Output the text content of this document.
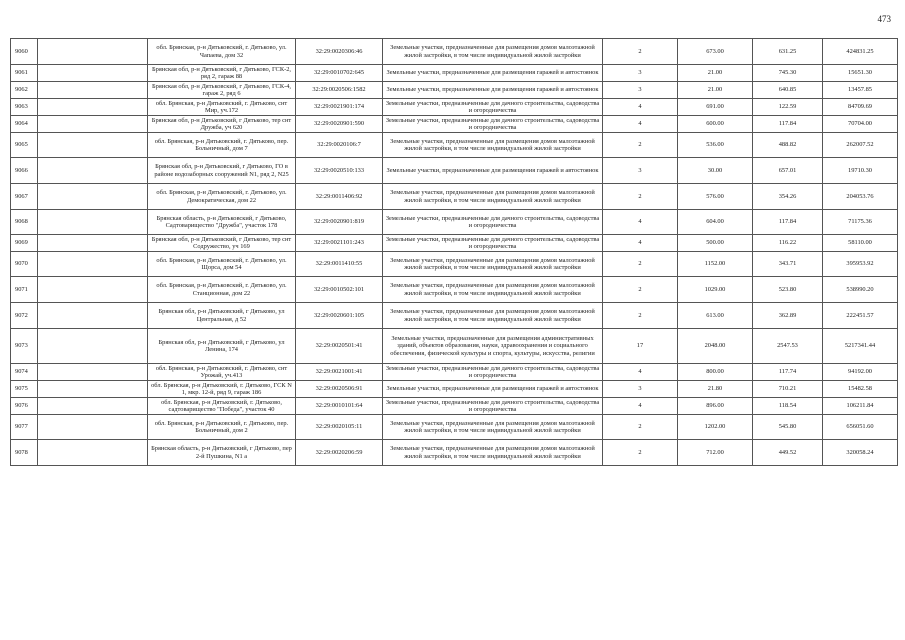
473
9060		обл. Брянская, р-н Дятьковский, г. Дятьково, ул. Чапаева, дом 32	32:29:0020306:46	Земельные участки, предназначенные для размещения домов малоэтажной жилой застройки, в том числе индивидуальной жилой застройки	2	673.00	631.25	424831.25
9061		Брянская обл, р-н Дятьковский, г Дятьково, ГСК-2, ряд 2, гараж 88	32:29:0010702:645	Земельные участки, предназначенные для размещения гаражей и автостоянок	3	21.00	745.30	15651.30
9062		Брянская обл, р-н Дятьковский, г Дятьково, ГСК-4, гараж 2, ряд 6	32:29:0020506:1582	Земельные участки, предназначенные для размещения гаражей и автостоянок	3	21.00	640.85	13457.85
9063		обл. Брянская, р-н Дятьковский, г. Дятьково, снт Мир, уч.172	32:29:0021901:174	Земельные участки, предназначенные для дачного строительства, садоводства и огородничества	4	691.00	122.59	84709.69
9064		Брянская обл, р-н Дятьковский, г Дятьково, тер снт Дружба, уч 620	32:29:0020901:590	Земельные участки, предназначенные для дачного строительства, садоводства и огородничества	4	600.00	117.84	70704.00
9065		обл. Брянская, р-н Дятьковский, г. Дятьково, пер. Больничный, дом 7	32:29:0020106:7	Земельные участки, предназначенные для размещения домов малоэтажной жилой застройки, в том числе индивидуальной жилой застройки	2	536.00	488.82	262007.52
9066		Брянская обл, р-н Дятьковский, г Дятьково, ГО в районе водозаборных сооружений N1, ряд 2, N25	32:29:0020510:133	Земельные участки, предназначенные для размещения гаражей и автостоянок	3	30.00	657.01	19710.30
9067		обл. Брянская, р-н Дятьковский, г. Дятьково, ул. Демократическая, дом 22	32:29:0011406:92	Земельные участки, предназначенные для размещения домов малоэтажной жилой застройки, в том числе индивидуальной жилой застройки	2	576.00	354.26	204053.76
9068		Брянская область, р-н Дятьковский, г Дятьково, Садтоварищество "Дружба", участок 178	32:29:0020901:819	Земельные участки, предназначенные для дачного строительства, садоводства и огородничества	4	604.00	117.84	71175.36
9069		Брянская обл, р-н Дятьковский, г Дятьково, тер снт Содружество, уч 169	32:29:0021101:243	Земельные участки, предназначенные для дачного строительства, садоводства и огородничества	4	500.00	116.22	58110.00
9070		обл. Брянская, р-н Дятьковский, г. Дятьково, ул. Щорса, дом 54	32:29:0011410:55	Земельные участки, предназначенные для размещения домов малоэтажной жилой застройки, в том числе индивидуальной жилой застройки	2	1152.00	343.71	395953.92
9071		обл. Брянская, р-н Дятьковский, г. Дятьково, ул. Станционная, дом 22	32:29:0010502:101	Земельные участки, предназначенные для размещения домов малоэтажной жилой застройки, в том числе индивидуальной жилой застройки	2	1029.00	523.80	538990.20
9072		Брянская обл, р-н Дятьковский, г Дятьково, ул Центральная, д 52	32:29:0020601:105	Земельные участки, предназначенные для размещения домов малоэтажной жилой застройки, в том числе индивидуальной жилой застройки	2	613.00	362.89	222451.57
9073		Брянская обл, р-н Дятьковский, г Дятьково, ул Ленина, 174	32:29:0020501:41	Земельные участки, предназначенные для размещения административных зданий, объектов образования, науки, здравоохранения и социального обеспечения, физической культуры и спорта, культуры, искусства, религии	17	2048.00	2547.53	5217341.44
9074		обл. Брянская, р-н Дятьковский, г. Дятьково, снт Урожай, уч.413	32:29:0021001:41	Земельные участки, предназначенные для дачного строительства, садоводства и огородничества	4	800.00	117.74	94192.00
9075		обл. Брянская, р-н Дятьковский, г. Дятьково, ГСК N 1, мкр. 12-й, ряд 9, гараж 186	32:29:0020506:91	Земельные участки, предназначенные для размещения гаражей и автостоянок	3	21.80	710.21	15482.58
9076		обл. Брянская, р-н Дятьковский, г. Дятьково, садтоварищество "Победа", участок 40	32:29:0010101:64	Земельные участки, предназначенные для дачного строительства, садоводства и огородничества	4	896.00	118.54	106211.84
9077		обл. Брянская, р-н Дятьковский, г. Дятьково, пер. Больничный, дом 2	32:29:0020105:11	Земельные участки, предназначенные для размещения домов малоэтажной жилой застройки, в том числе индивидуальной жилой застройки	2	1202.00	545.80	656051.60
9078		Брянская область, р-н Дятьковский, г Дятьково, пер 2-й Пушкина, N1 а	32:29:0020206:59	Земельные участки, предназначенные для размещения домов малоэтажной жилой застройки, в том числе индивидуальной жилой застройки	2	712.00	449.52	320058.24
